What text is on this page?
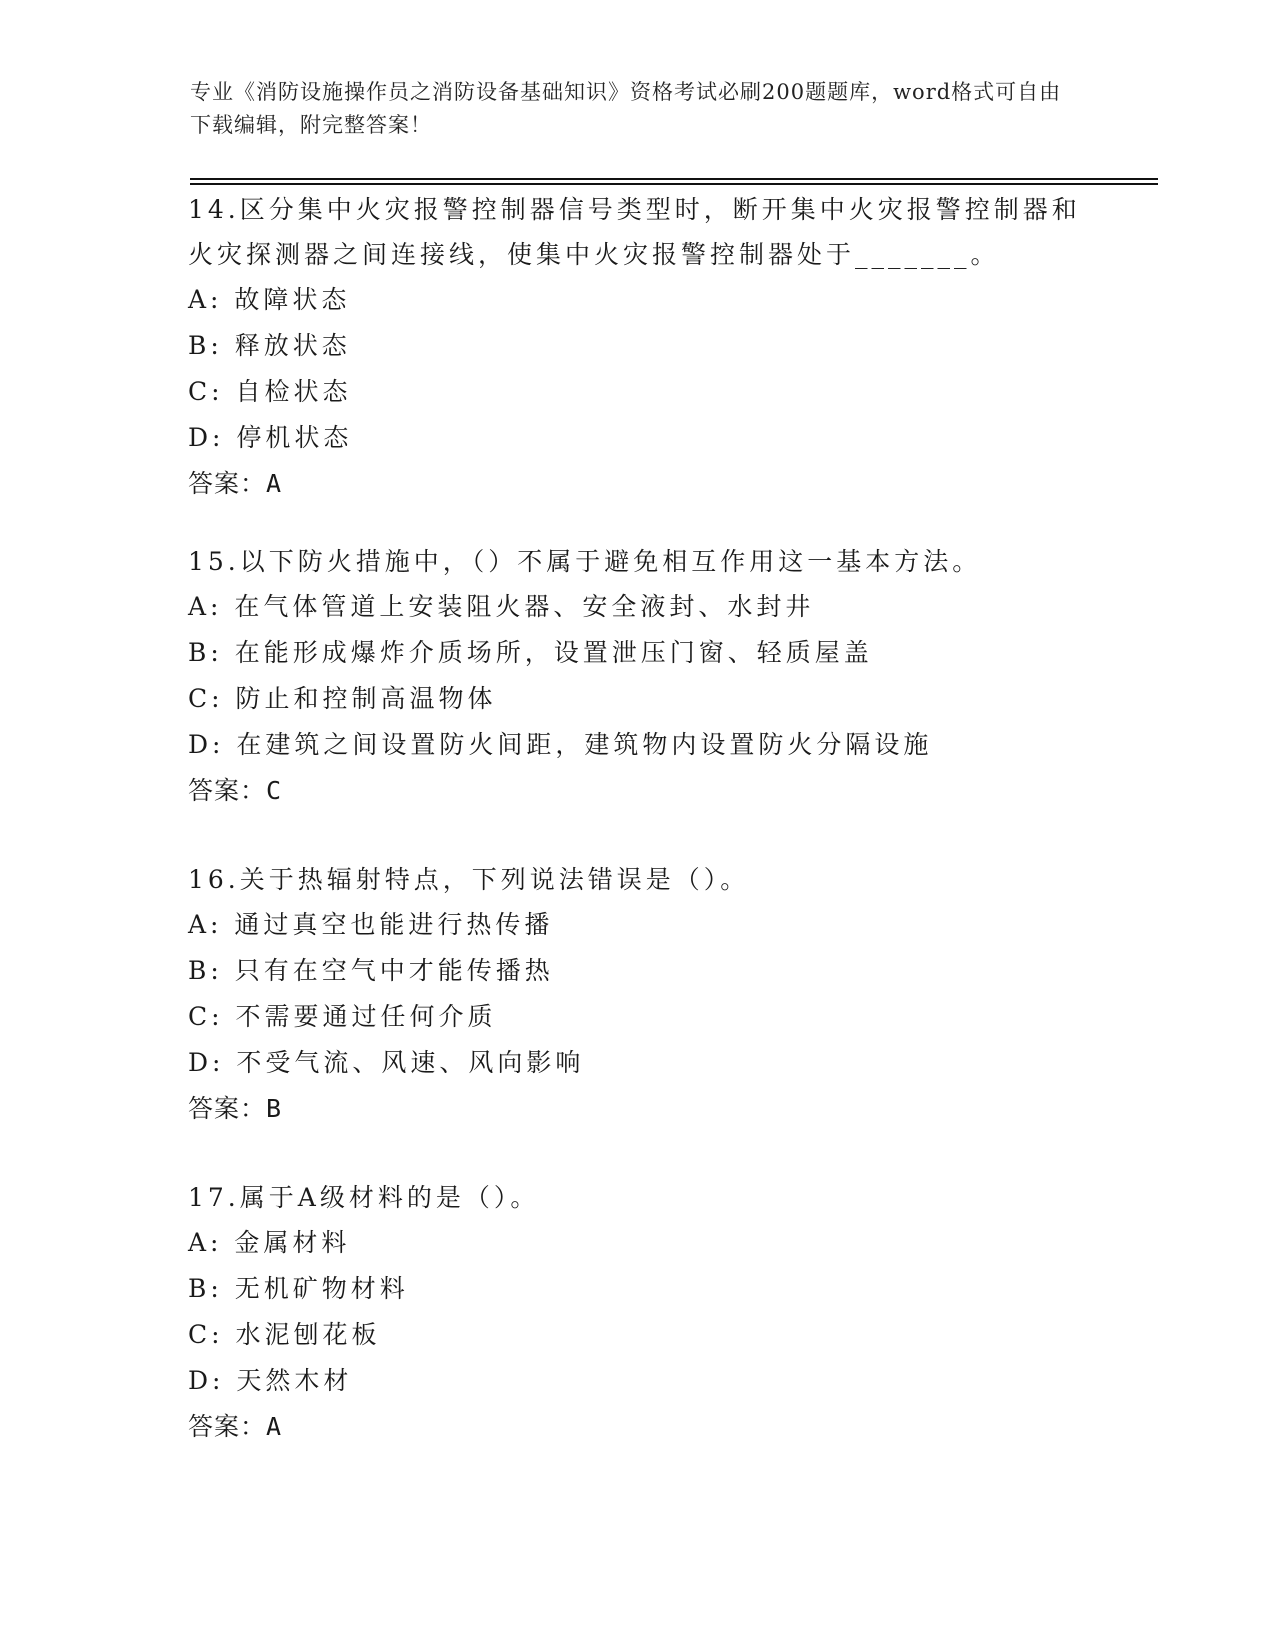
专业《消防设施操作员之消防设备基础知识》资格考试必刷200题题库，word格式可自由下载编辑，附完整答案！

14.区分集中火灾报警控制器信号类型时，断开集中火灾报警控制器和火灾探测器之间连接线，使集中火灾报警控制器处于_______。

A: 故障状态

B: 释放状态

C: 自检状态

D: 停机状态

答案：A

15.以下防火措施中，（）不属于避免相互作用这一基本方法。

A: 在气体管道上安装阻火器、安全液封、水封井

B: 在能形成爆炸介质场所，设置泄压门窗、轻质屋盖

C: 防止和控制高温物体

D: 在建筑之间设置防火间距，建筑物内设置防火分隔设施

答案：C

16.关于热辐射特点，下列说法错误是（）。

A: 通过真空也能进行热传播

B: 只有在空气中才能传播热

C: 不需要通过任何介质

D: 不受气流、风速、风向影响

答案：B

17.属于A级材料的是（）。

A: 金属材料

B: 无机矿物材料

C: 水泥刨花板

D: 天然木材

答案：A
